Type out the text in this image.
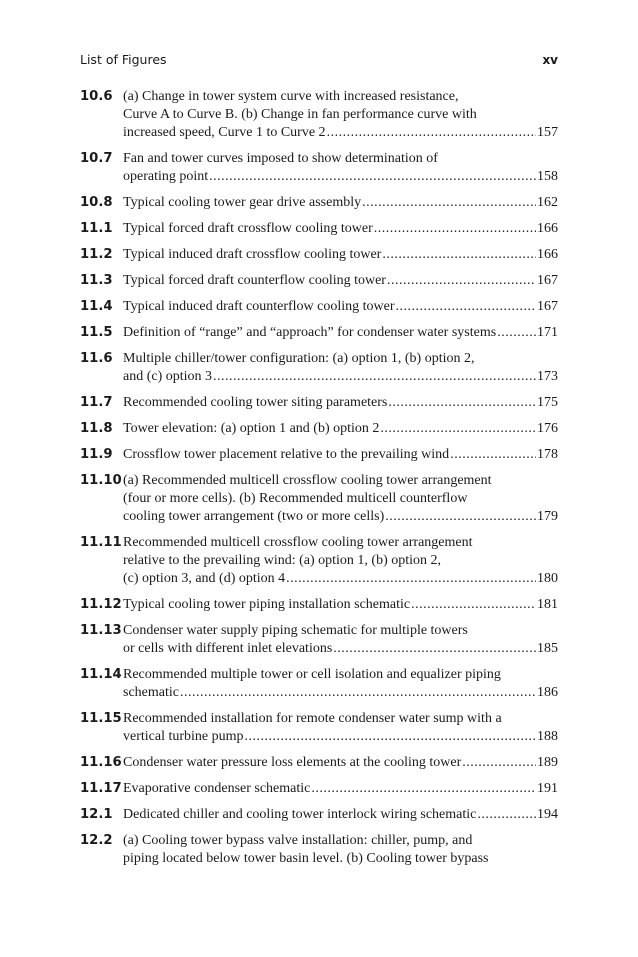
List of Figures	xv
10.6 (a) Change in tower system curve with increased resistance,
Curve A to Curve B. (b) Change in fan performance curve with
increased speed, Curve 1 to Curve 2 .....	157
10.7 Fan and tower curves imposed to show determination of
operating point .....	158
10.8 Typical cooling tower gear drive assembly .....	162
11.1 Typical forced draft crossflow cooling tower .....	166
11.2 Typical induced draft crossflow cooling tower .....	166
11.3 Typical forced draft counterflow cooling tower .....	167
11.4 Typical induced draft counterflow cooling tower .....	167
11.5 Definition of “range” and “approach” for condenser water systems .....	171
11.6 Multiple chiller/tower configuration: (a) option 1, (b) option 2,
and (c) option 3 .....	173
11.7 Recommended cooling tower siting parameters .....	175
11.8 Tower elevation: (a) option 1 and (b) option 2 .....	176
11.9 Crossflow tower placement relative to the prevailing wind .....	178
11.10 (a) Recommended multicell crossflow cooling tower arrangement
(four or more cells). (b) Recommended multicell counterflow
cooling tower arrangement (two or more cells) .....	179
11.11 Recommended multicell crossflow cooling tower arrangement
relative to the prevailing wind: (a) option 1, (b) option 2,
(c) option 3, and (d) option 4 .....	180
11.12 Typical cooling tower piping installation schematic .....	181
11.13 Condenser water supply piping schematic for multiple towers
or cells with different inlet elevations .....	185
11.14 Recommended multiple tower or cell isolation and equalizer piping
schematic .....	186
11.15 Recommended installation for remote condenser water sump with a
vertical turbine pump .....	188
11.16 Condenser water pressure loss elements at the cooling tower .....	189
11.17 Evaporative condenser schematic .....	191
12.1 Dedicated chiller and cooling tower interlock wiring schematic .....	194
12.2 (a) Cooling tower bypass valve installation: chiller, pump, and
piping located below tower basin level. (b) Cooling tower bypass
